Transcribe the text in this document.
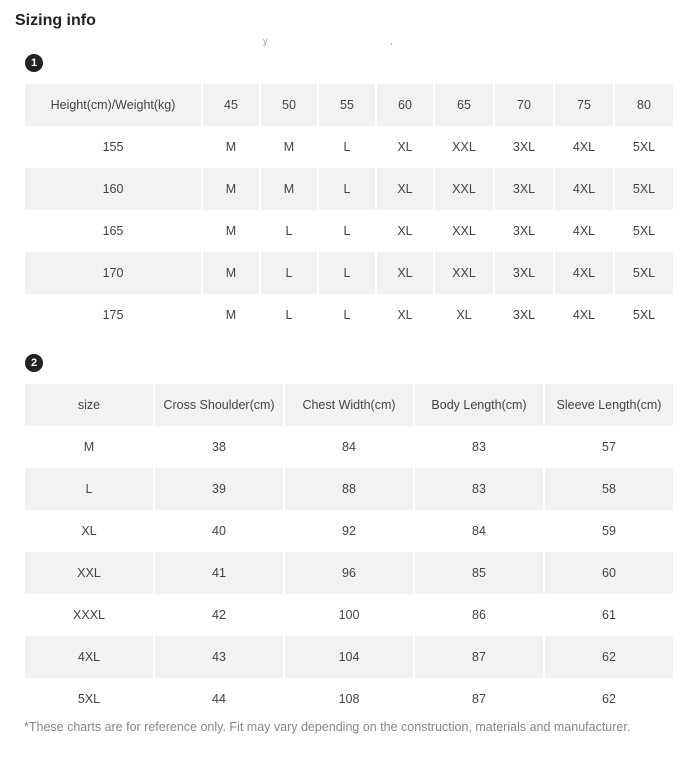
Sizing info
y ,
1
Height(cm)/Weight(kg)	45	50	55	60	65	70	75	80
155	M	M	L	XL	XXL	3XL	4XL	5XL
160	M	M	L	XL	XXL	3XL	4XL	5XL
165	M	L	L	XL	XXL	3XL	4XL	5XL
170	M	L	L	XL	XXL	3XL	4XL	5XL
175	M	L	L	XL	XL	3XL	4XL	5XL
2
size	Cross Shoulder(cm)	Chest Width(cm)	Body Length(cm)	Sleeve Length(cm)
M	38	84	83	57
L	39	88	83	58
XL	40	92	84	59
XXL	41	96	85	60
XXXL	42	100	86	61
4XL	43	104	87	62
5XL	44	108	87	62
*These charts are for reference only. Fit may vary depending on the construction, materials and manufacturer.
